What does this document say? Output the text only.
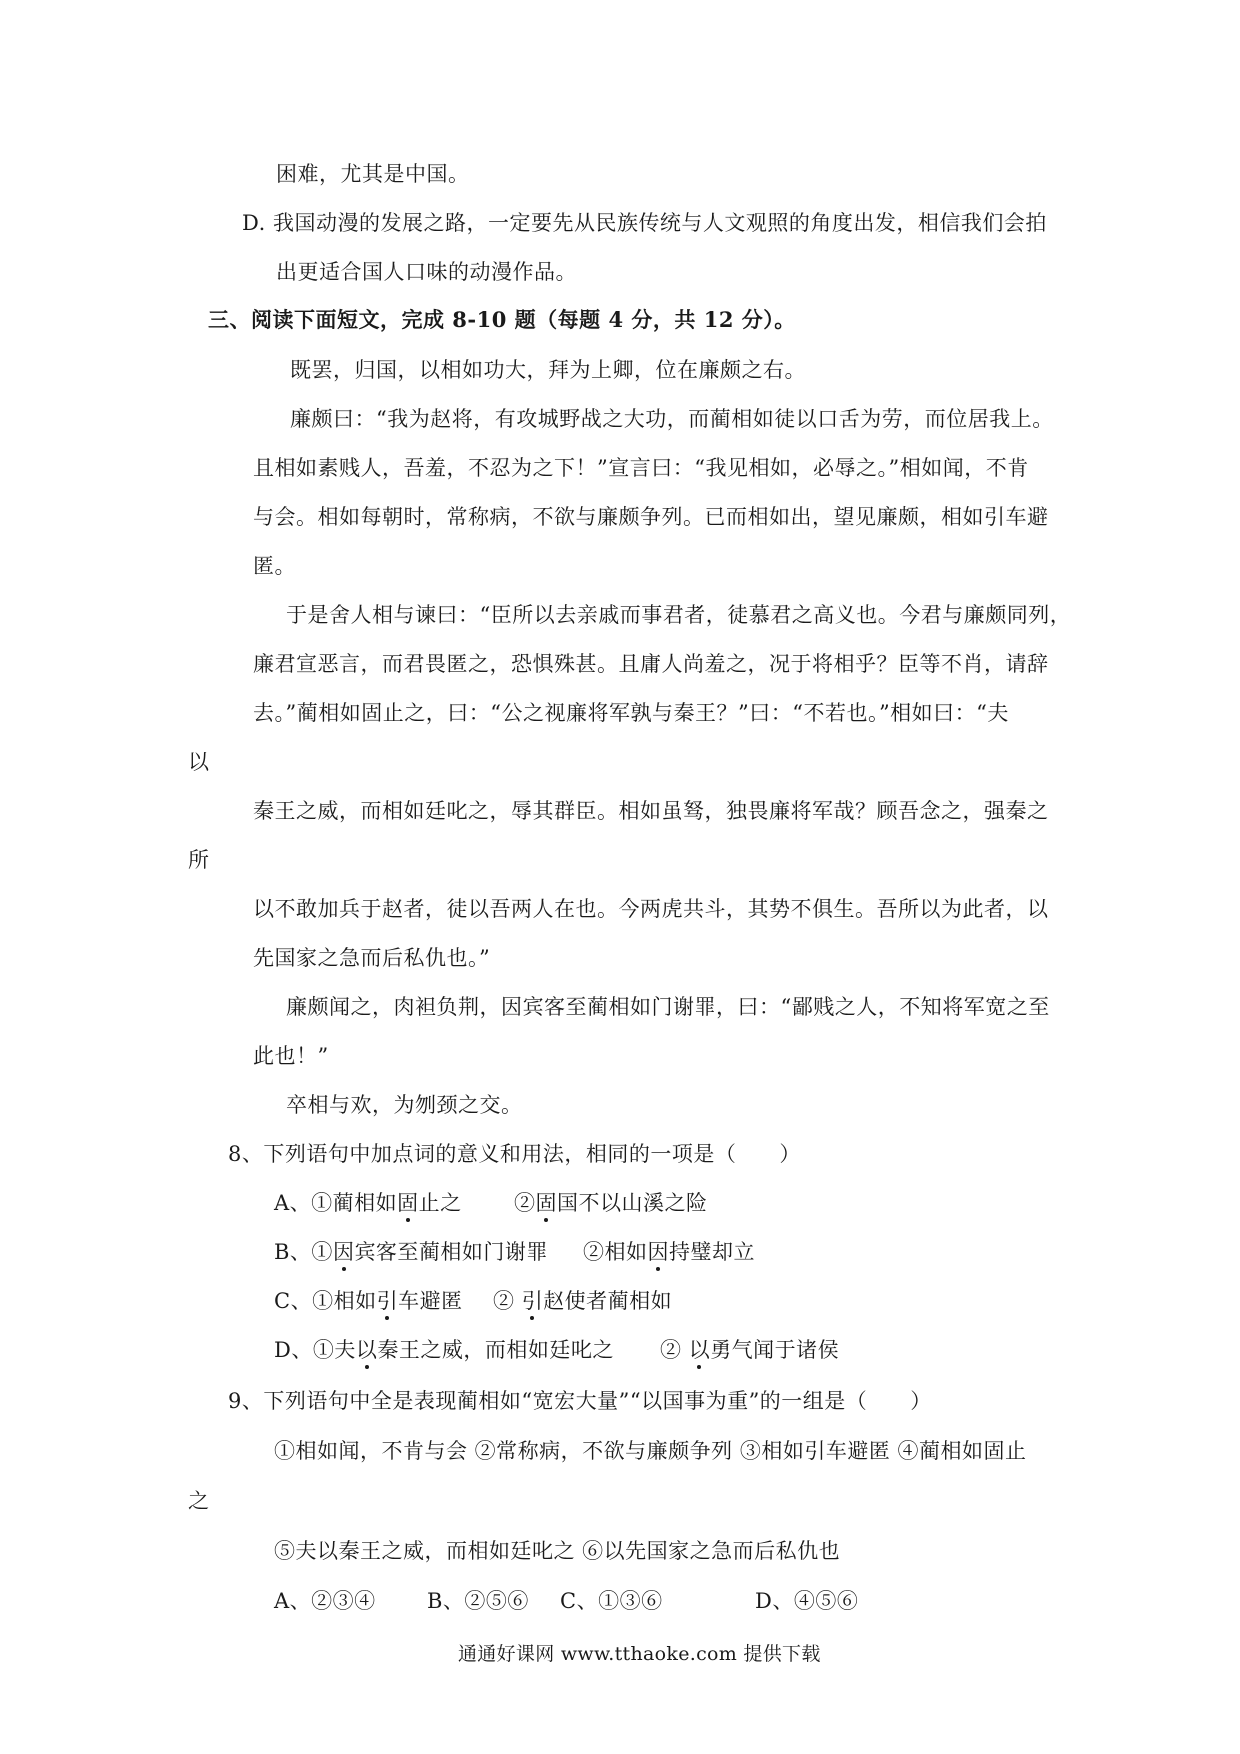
困难，尤其是中国。
D. 我国动漫的发展之路，一定要先从民族传统与人文观照的角度出发，相信我们会拍
出更适合国人口味的动漫作品。
三、阅读下面短文，完成 8-10 题（每题 4 分，共 12 分）。
既罢，归国，以相如功大，拜为上卿，位在廉颇之右。
廉颇曰：“我为赵将，有攻城野战之大功，而蔺相如徒以口舌为劳，而位居我上。
且相如素贱人，吾羞，不忍为之下！”宣言曰：“我见相如，必辱之。”相如闻，不肯
与会。相如每朝时，常称病，不欲与廉颇争列。已而相如出，望见廉颇，相如引车避
匿。
于是舍人相与谏曰：“臣所以去亲戚而事君者，徒慕君之高义也。今君与廉颇同列，
廉君宣恶言，而君畏匿之，恐惧殊甚。且庸人尚羞之，况于将相乎？臣等不肖，请辞
去。”蔺相如固止之，曰：“公之视廉将军孰与秦王？”曰：“不若也。”相如曰：“夫
以
秦王之威，而相如廷叱之，辱其群臣。相如虽驽，独畏廉将军哉？顾吾念之，强秦之
所
以不敢加兵于赵者，徒以吾两人在也。今两虎共斗，其势不俱生。吾所以为此者，以
先国家之急而后私仇也。”
廉颇闻之，肉袒负荆，因宾客至蔺相如门谢罪，曰：“鄙贱之人，不知将军宽之至
此也！”
卒相与欢，为刎颈之交。
8、下列语句中加点词的意义和用法，相同的一项是（　　）
A、①蔺相如固止之 ②固国不以山溪之险
B、①因宾客至蔺相如门谢罪 ②相如因持璧却立
C、①相如引车避匿 ② 引赵使者蔺相如
D、①夫以秦王之威，而相如廷叱之 ② 以勇气闻于诸侯
9、下列语句中全是表现蔺相如“宽宏大量”“以国事为重”的一组是（　　）
①相如闻，不肯与会 ②常称病，不欲与廉颇争列 ③相如引车避匿 ④蔺相如固止
之
⑤夫以秦王之威，而相如廷叱之 ⑥以先国家之急而后私仇也
A、②③④ B、②⑤⑥ C、①③⑥	D、④⑤⑥
通通好课网 www.tthaoke.com 提供下载
